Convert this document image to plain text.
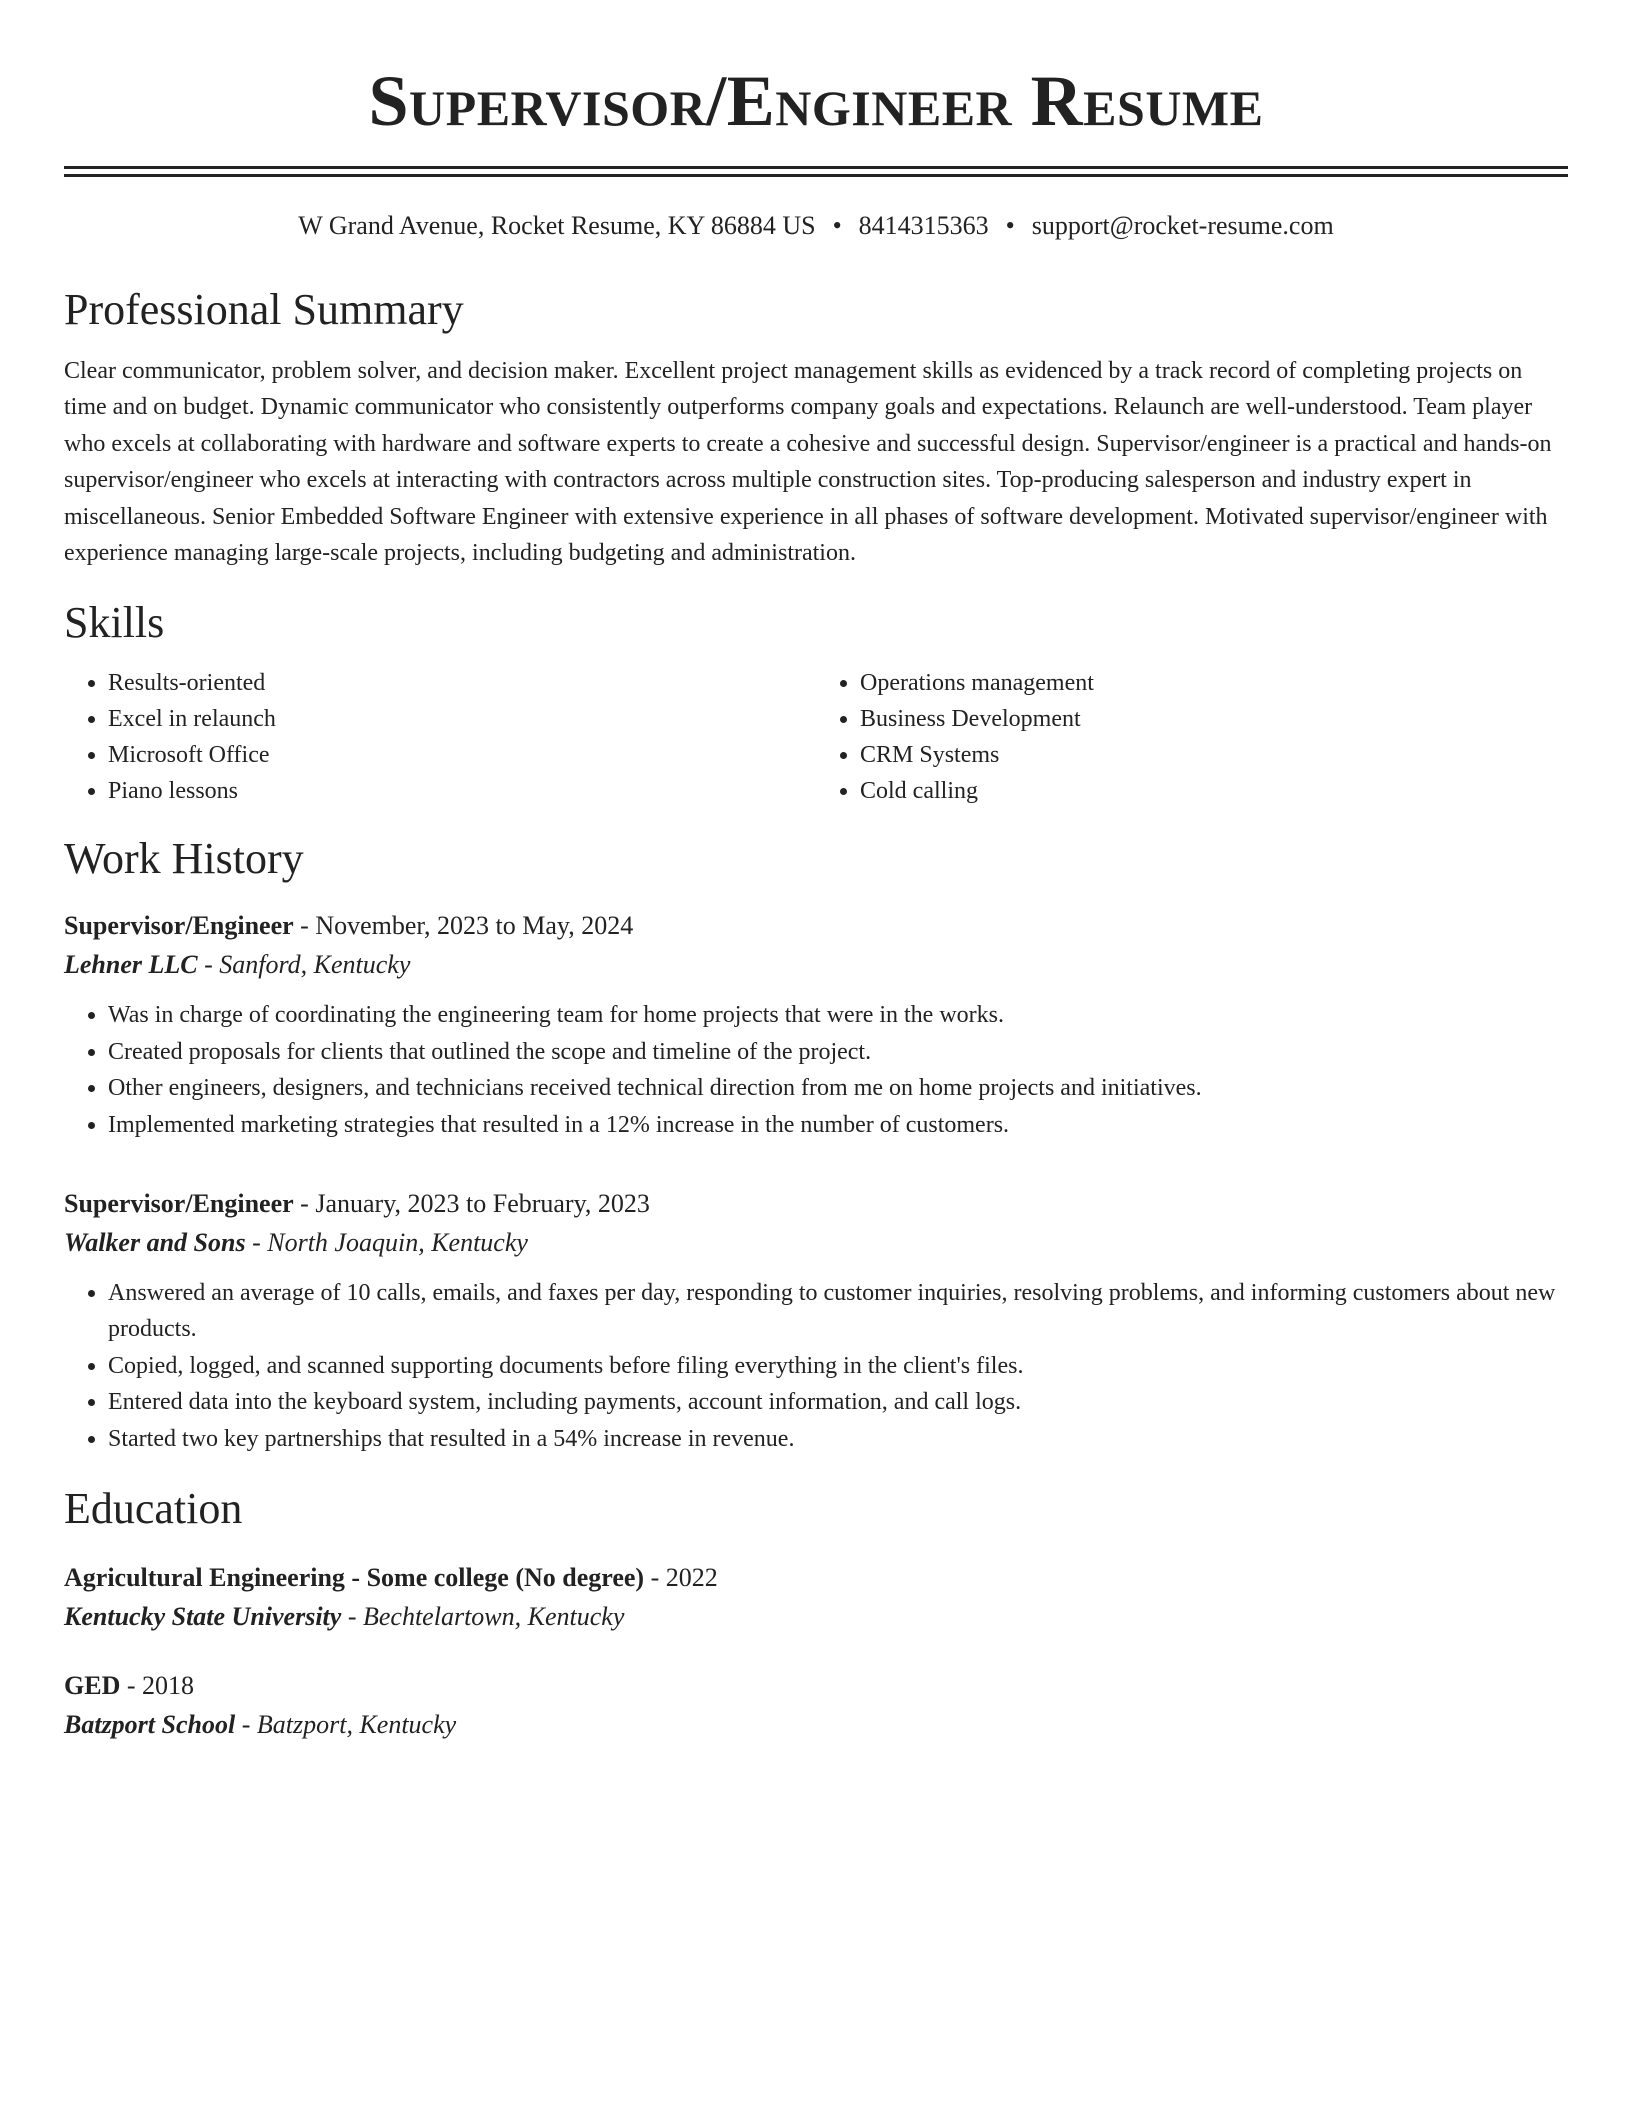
Supervisor/Engineer Resume
W Grand Avenue, Rocket Resume, KY 86884 US • 8414315363 • support@rocket-resume.com
Professional Summary
Clear communicator, problem solver, and decision maker. Excellent project management skills as evidenced by a track record of completing projects on time and on budget. Dynamic communicator who consistently outperforms company goals and expectations. Relaunch are well-understood. Team player who excels at collaborating with hardware and software experts to create a cohesive and successful design. Supervisor/engineer is a practical and hands-on supervisor/engineer who excels at interacting with contractors across multiple construction sites. Top-producing salesperson and industry expert in miscellaneous. Senior Embedded Software Engineer with extensive experience in all phases of software development. Motivated supervisor/engineer with experience managing large-scale projects, including budgeting and administration.
Skills
• Results-oriented
• Excel in relaunch
• Microsoft Office
• Piano lessons
• Operations management
• Business Development
• CRM Systems
• Cold calling
Work History
Supervisor/Engineer - November, 2023 to May, 2024
Lehner LLC - Sanford, Kentucky
• Was in charge of coordinating the engineering team for home projects that were in the works.
• Created proposals for clients that outlined the scope and timeline of the project.
• Other engineers, designers, and technicians received technical direction from me on home projects and initiatives.
• Implemented marketing strategies that resulted in a 12% increase in the number of customers.
Supervisor/Engineer - January, 2023 to February, 2023
Walker and Sons - North Joaquin, Kentucky
• Answered an average of 10 calls, emails, and faxes per day, responding to customer inquiries, resolving problems, and informing customers about new products.
• Copied, logged, and scanned supporting documents before filing everything in the client's files.
• Entered data into the keyboard system, including payments, account information, and call logs.
• Started two key partnerships that resulted in a 54% increase in revenue.
Education
Agricultural Engineering - Some college (No degree) - 2022
Kentucky State University - Bechtelartown, Kentucky
GED - 2018
Batzport School - Batzport, Kentucky
